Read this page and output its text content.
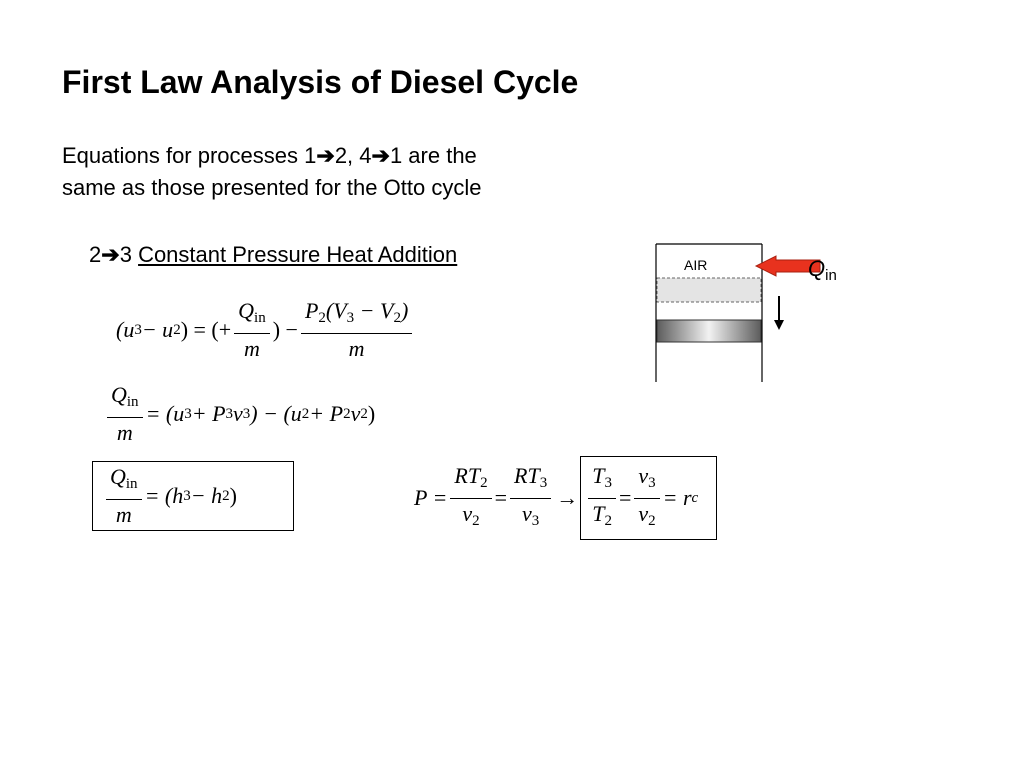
First Law Analysis of Diesel Cycle
Equations for processes 1➔2, 4➔1 are the
same as those presented for the Otto cycle
2➔3 Constant Pressure Heat Addition	AIR	$Q_{in}$
(u 3 − u 2 ) = (+ $\frac{Q_{in}}{m}$ ) − $\frac{P_2(V_3 - V_2)}{m}$
$\frac{Q_{in}}{m} = (u$ 3 + P 3 v 3 ) − (u 2 + P 2 v 2 )
$\frac{Q_{in}}{m} = (h$ 3 − h 2 )	$P = \frac{RT_2}{v_2} = \frac{RT_3}{v_3} \to \frac{T_3}{T_2} = \frac{v_3}{v_2} = r$ c
